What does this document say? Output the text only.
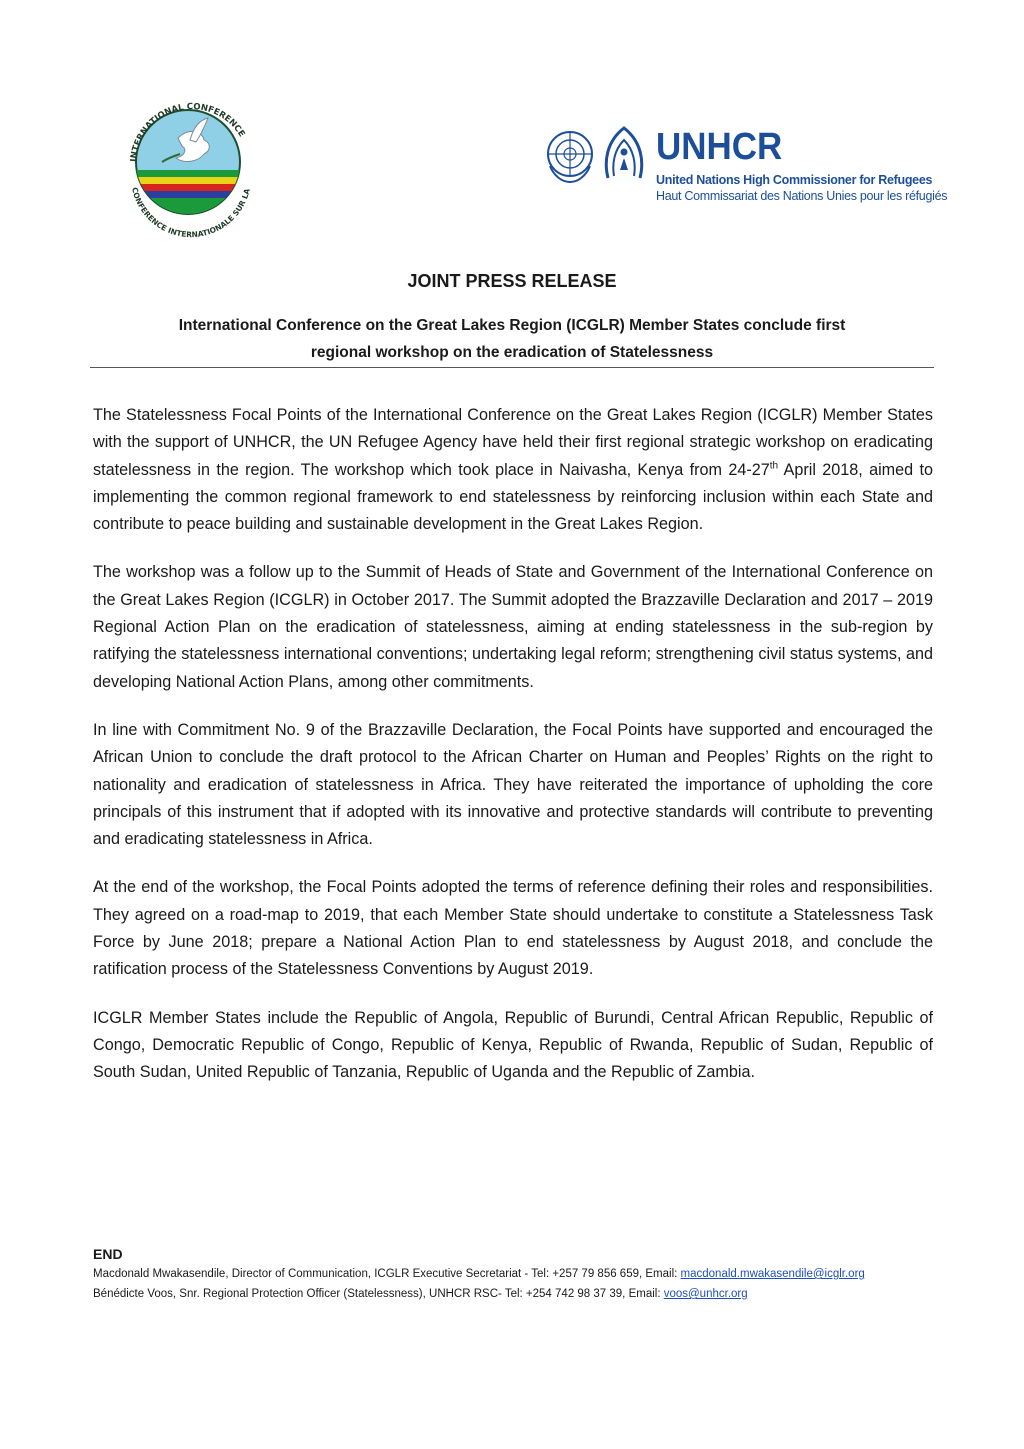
INTERNATIONAL CONFERENCE
CONFERENCE INTERNATIONALE SUR LA
UNHCR
United Nations High Commissioner for Refugees
Haut Commissariat des Nations Unies pour les réfugiés
JOINT PRESS RELEASE
International Conference on the Great Lakes Region (ICGLR) Member States conclude first
regional workshop on the eradication of Statelessness

The Statelessness Focal Points of the International Conference on the Great Lakes Region (ICGLR) Member States with the support of UNHCR, the UN Refugee Agency have held their first regional strategic workshop on eradicating statelessness in the region. The workshop which took place in Naivasha, Kenya from 24-27th April 2018, aimed to implementing the common regional framework to end statelessness by reinforcing inclusion within each State and contribute to peace building and sustainable development in the Great Lakes Region.

The workshop was a follow up to the Summit of Heads of State and Government of the International Conference on the Great Lakes Region (ICGLR) in October 2017. The Summit adopted the Brazzaville Declaration and 2017 – 2019 Regional Action Plan on the eradication of statelessness, aiming at ending statelessness in the sub-region by ratifying the statelessness international conventions; undertaking legal reform; strengthening civil status systems, and developing National Action Plans, among other commitments.

In line with Commitment No. 9 of the Brazzaville Declaration, the Focal Points have supported and encouraged the African Union to conclude the draft protocol to the African Charter on Human and Peoples’ Rights on the right to nationality and eradication of statelessness in Africa. They have reiterated the importance of upholding the core principals of this instrument that if adopted with its innovative and protective standards will contribute to preventing and eradicating statelessness in Africa.

At the end of the workshop, the Focal Points adopted the terms of reference defining their roles and responsibilities. They agreed on a road-map to 2019, that each Member State should undertake to constitute a Statelessness Task Force by June 2018; prepare a National Action Plan to end statelessness by August 2018, and conclude the ratification process of the Statelessness Conventions by August 2019.

ICGLR Member States include the Republic of Angola, Republic of Burundi, Central African Republic, Republic of Congo, Democratic Republic of Congo, Republic of Kenya, Republic of Rwanda, Republic of Sudan, Republic of South Sudan, United Republic of Tanzania, Republic of Uganda and the Republic of Zambia.

END
Macdonald Mwakasendile, Director of Communication, ICGLR Executive Secretariat - Tel: +257 79 856 659, Email: macdonald.mwakasendile@icglr.org
Bénédicte Voos, Snr. Regional Protection Officer (Statelessness), UNHCR RSC- Tel: +254 742 98 37 39, Email: voos@unhcr.org
